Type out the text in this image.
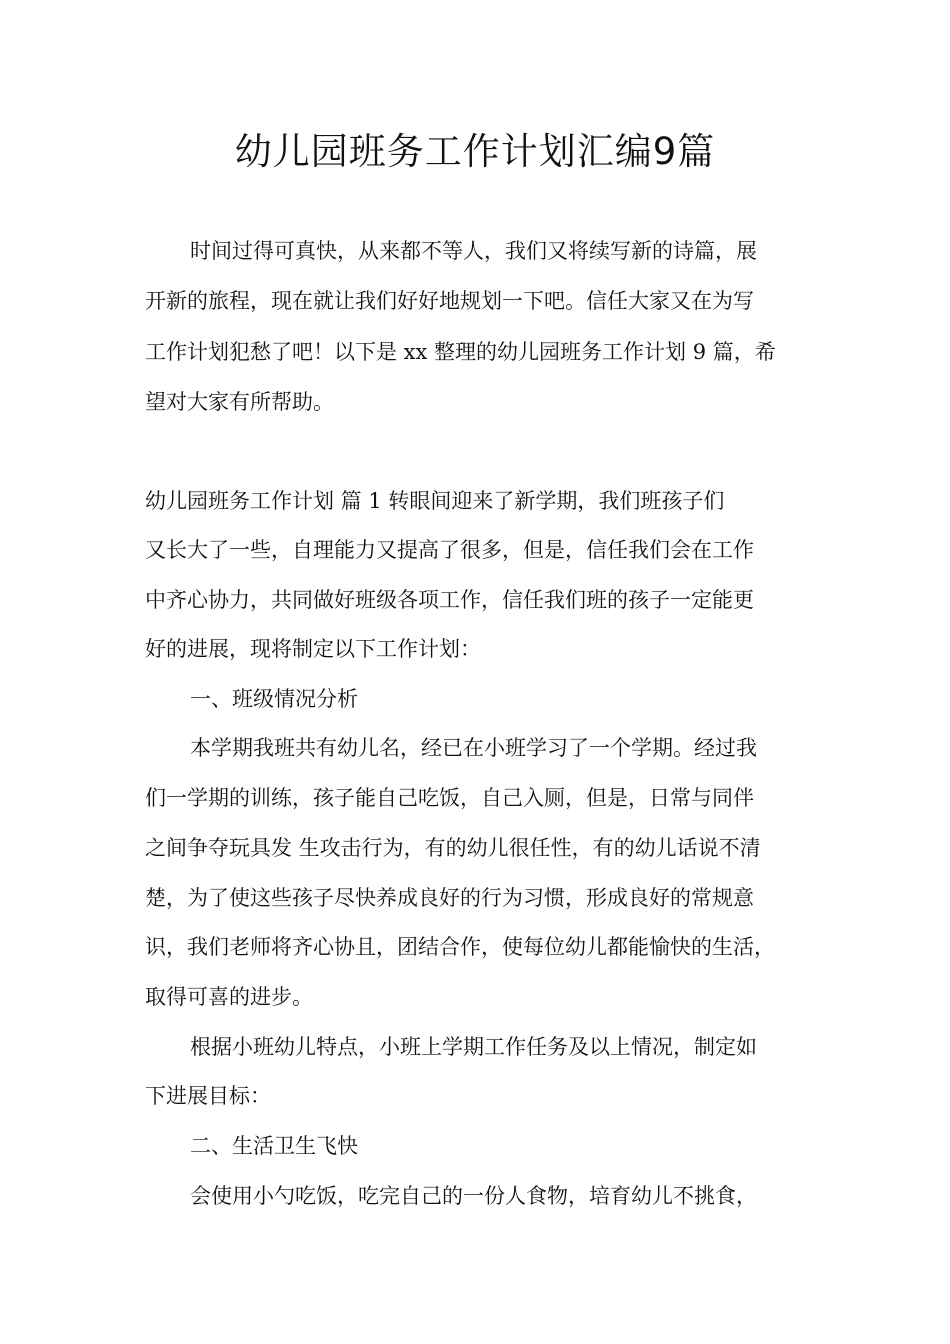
幼儿园班务工作计划汇编9篇

时间过得可真快，从来都不等人，我们又将续写新的诗篇，展

开新的旅程，现在就让我们好好地规划一下吧。信任大家又在为写

工作计划犯愁了吧！以下是 xx 整理的幼儿园班务工作计划 9 篇，希

望对大家有所帮助。

幼儿园班务工作计划 篇 1 转眼间迎来了新学期，我们班孩子们

又长大了一些，自理能力又提高了很多，但是，信任我们会在工作

中齐心协力，共同做好班级各项工作，信任我们班的孩子一定能更

好的进展，现将制定以下工作计划：

一、班级情况分析

本学期我班共有幼儿名，经已在小班学习了一个学期。经过我

们一学期的训练，孩子能自己吃饭，自己入厕，但是，日常与同伴

之间争夺玩具发 生攻击行为，有的幼儿很任性，有的幼儿话说不清

楚，为了使这些孩子尽快养成良好的行为习惯，形成良好的常规意

识，我们老师将齐心协且，团结合作，使每位幼儿都能愉快的生活，

取得可喜的进步。

根据小班幼儿特点，小班上学期工作任务及以上情况，制定如

下进展目标：

二、生活卫生飞快

会使用小勺吃饭，吃完自己的一份人食物，培育幼儿不挑食，
